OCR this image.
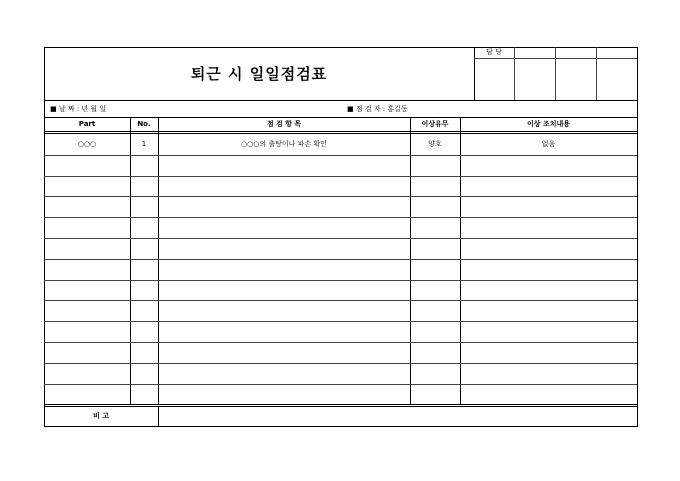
퇴근 시 일일점검표
담 당
■ 날 짜 : 년 월 일	■ 점 검 자 : 홍길동
Part	No.	점 검 항 목	이상유무	이상 조치내용
○○○	1	○○○의 출탕이나 파손 확인	양호	없음
비 고
